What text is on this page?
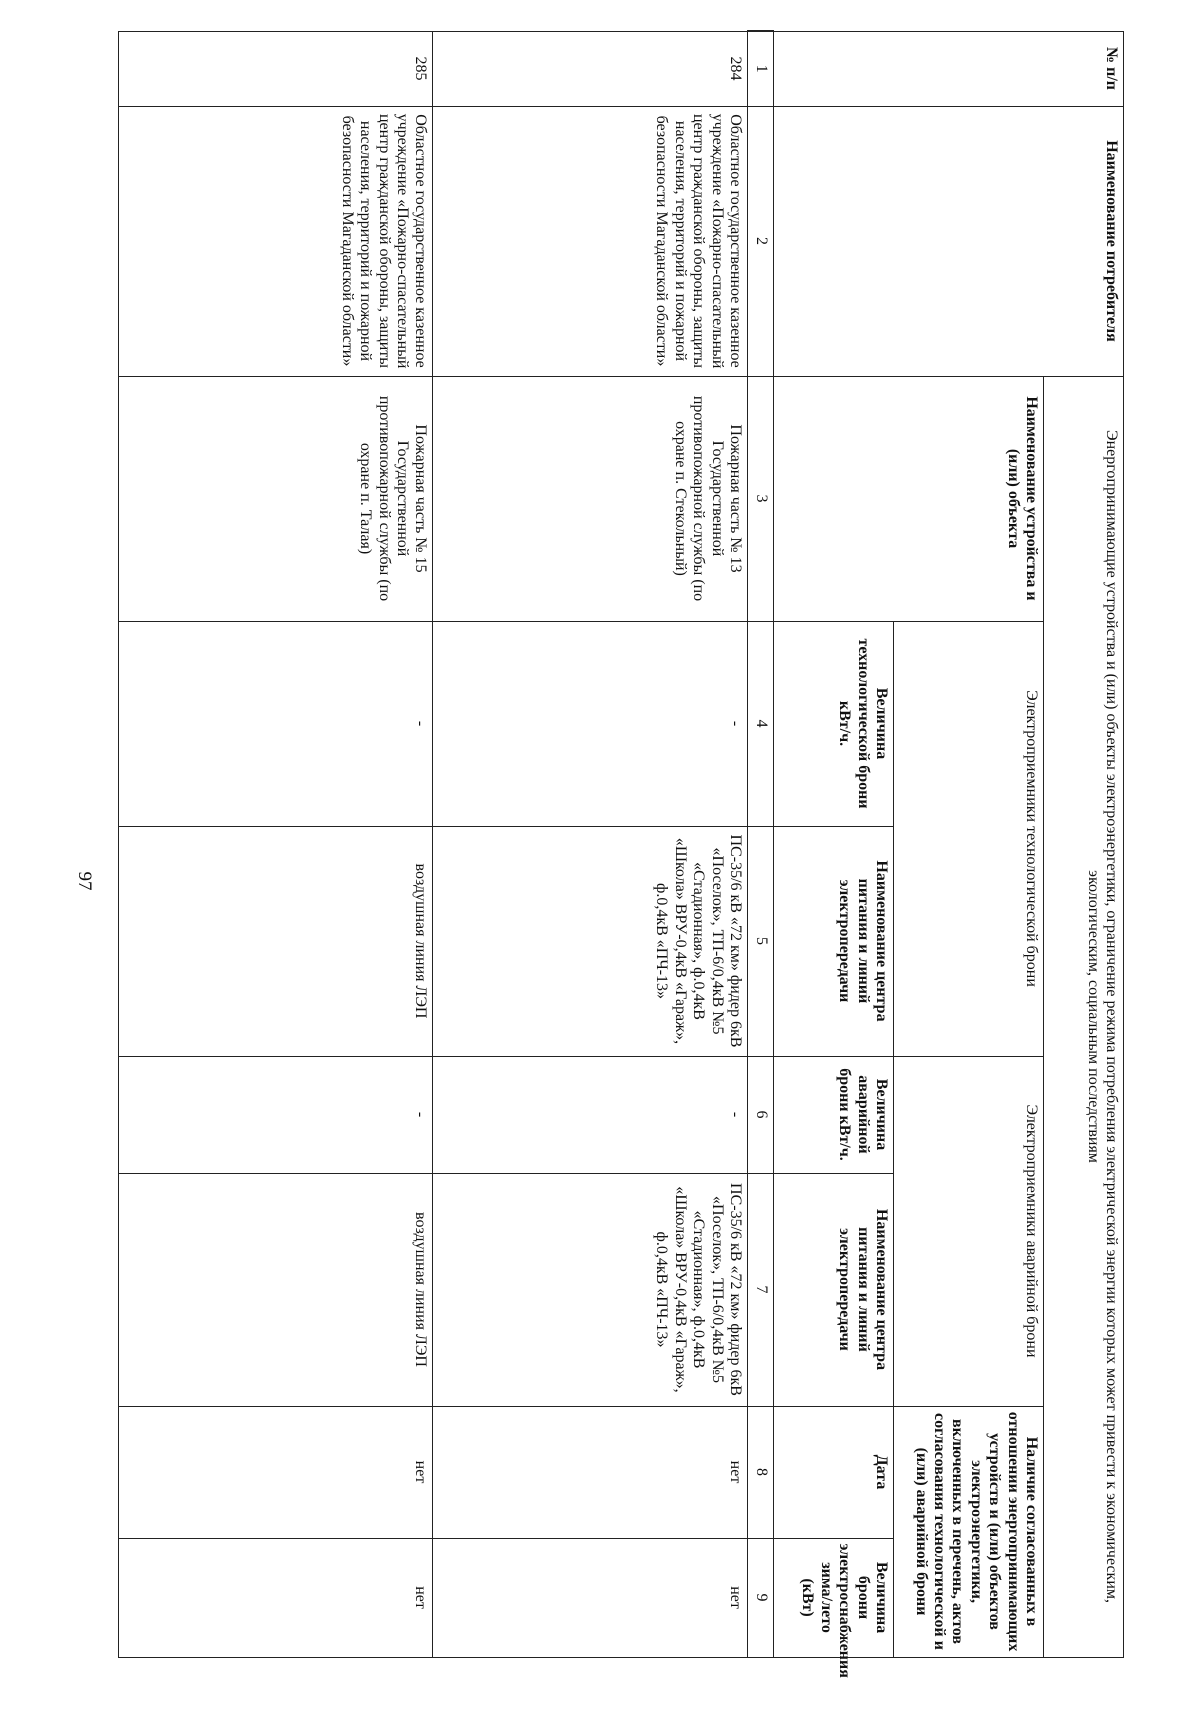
97
№ п/п	Наименование потребителя	Энергопринимающие устройства и (или) объекты электроэнергетики, ограничение режима потребления электрической энергии которых может привести к экономическим, экологическим, социальным последствиям						
		Наименование устройства и (или) объекта	Электроприемники технологической брони		Электроприемники аварийной брони		Наличие согласованных в отношении энергопринимающих устройств и (или) объектов электроэнергетики, включенных в перечень, актов согласования технологической и (или) аварийной брони	
			Величина технологической брони кВт/ч.	Наименование центра питания и линий электропередачи	Величина аварийной брони кВт/ч.	Наименование центра питания и линий электропередачи	Дата	Величина брони электроснабжения зима/лето (кВт)
1	2	3	4	5	6	7	8	9
284	Областное государственное казенное учреждение «Пожарно-спасательный центр гражданской обороны, защиты населения, территорий и пожарной безопасности Магаданской области»	Пожарная часть № 13 Государственной противопожарной службы (по охране п. Стекольный)	-	ПС-35/6 кВ «72 км» фидер 6кВ «Поселок», ТП-6/0,4кВ №5 «Стадионная», ф.0,4кВ «Школа» ВРУ-0,4кВ «Гараж», ф.0,4кВ «ПЧ-13»	-	ПС-35/6 кВ «72 км» фидер 6кВ «Поселок», ТП-6/0,4кВ №5 «Стадионная», ф.0,4кВ «Школа» ВРУ-0,4кВ «Гараж», ф.0,4кВ «ПЧ-13»	нет	нет
285	Областное государственное казенное учреждение «Пожарно-спасательный центр гражданской обороны, защиты населения, территорий и пожарной безопасности Магаданской области»	Пожарная часть № 15 Государственной противопожарной службы (по охране п. Талая)	-	воздушная линия ЛЭП	-	воздушная линия ЛЭП	нет	нет
